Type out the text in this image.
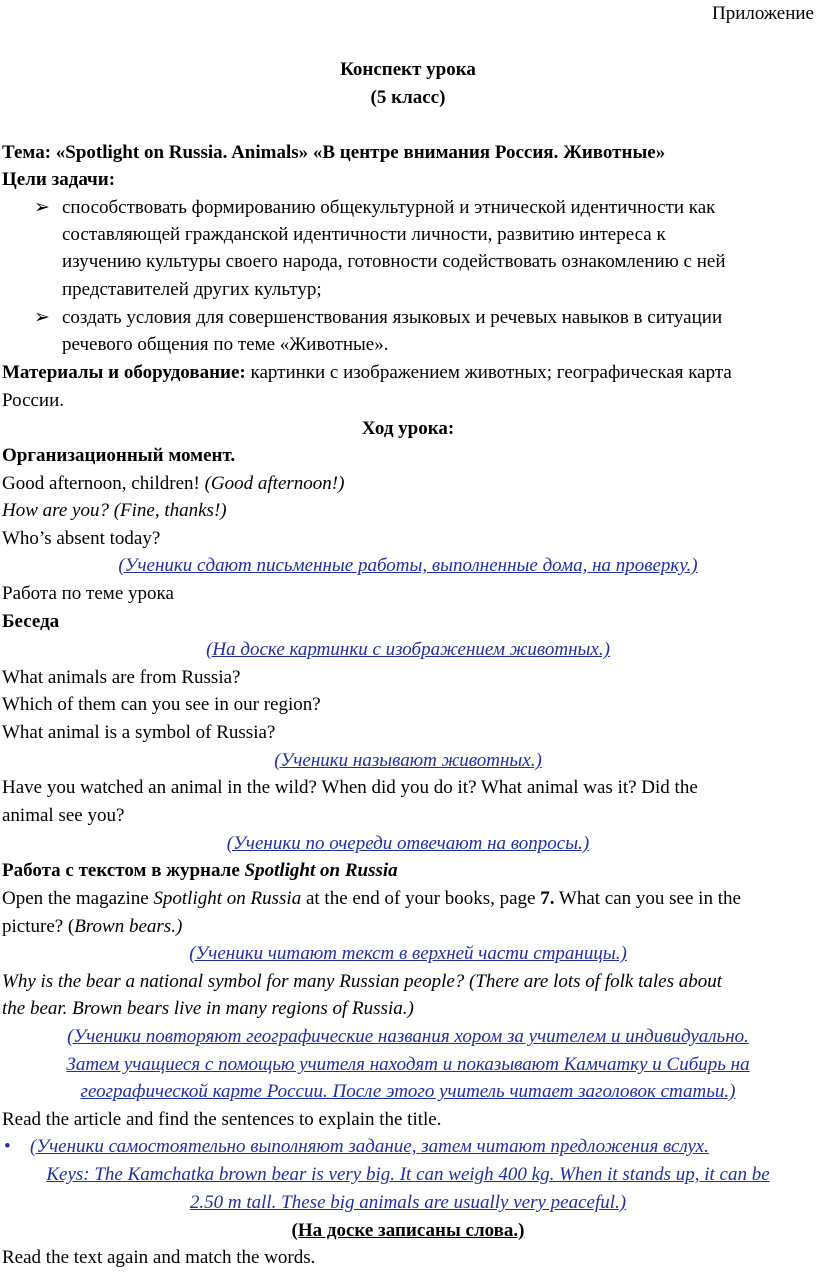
Приложение
Конспект урока
(5 класс)
Тема: «Spotlight on Russia. Animals» «В центре внимания Россия. Животные»
Цели задачи:
➢ способствовать формированию общекультурной и этнической идентичности как
составляющей гражданской идентичности личности, развитию интереса к
изучению культуры своего народа, готовности содействовать ознакомлению с ней
представителей других культур;
➢ создать условия для совершенствования языковых и речевых навыков в ситуации
речевого общения по теме «Животные».
Материалы и оборудование: картинки с изображением животных; географическая карта
России.
Ход урока:
Организационный момент.
Good afternoon, children! (Good afternoon!)
How are you? (Fine, thanks!)
Who’s absent today?
(Ученики сдают письменные работы, выполненные дома, на проверку.)
Работа по теме урока
Беседа
(На доске картинки с изображением животных.)
What animals are from Russia?
Which of them can you see in our region?
What animal is a symbol of Russia?
(Ученики называют животных.)
Have you watched an animal in the wild? When did you do it? What animal was it? Did the
animal see you?
(Ученики по очереди отвечают на вопросы.)
Работа с текстом в журнале Spotlight on Russia
Open the magazine Spotlight on Russia at the end of your books, page 7. What can you see in the
picture? (Brown bears.)
(Ученики читают текст в верхней части страницы.)
Why is the bear a national symbol for many Russian people? (There are lots of folk tales about
the bear. Brown bears live in many regions of Russia.)
(Ученики повторяют географические названия хором за учителем и индивидуально.
Затем учащиеся с помощью учителя находят и показывают Камчатку и Сибирь на
географической карте России. После этого учитель читает заголовок статьи.)
Read the article and find the sentences to explain the title.
• (Ученики самостоятельно выполняют задание, затем читают предложения вслух.
Keys: The Kamchatka brown bear is very big. It can weigh 400 kg. When it stands up, it can be
2.50 m tall. These big animals are usually very peaceful.)
(На доске записаны слова.)
Read the text again and match the words.
